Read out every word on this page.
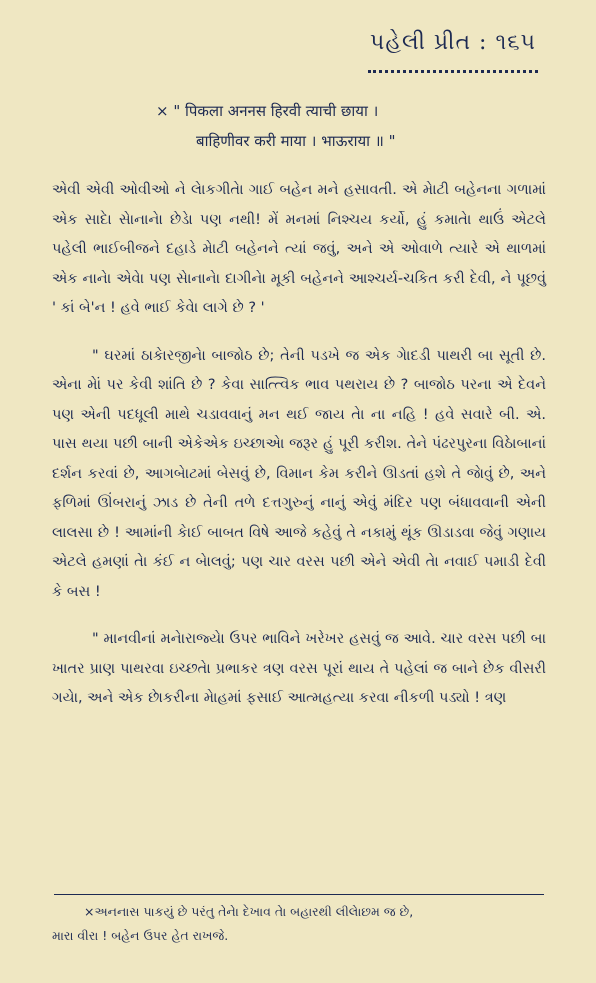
પહેલી પ્રીત : ૧૬૫
× " पिकला अननस हिरवी त्याची छाया ।
बाहिणीवर करी माया । भाऊराया ॥ "

એવી એવી ઓવીઓ ને લેાકગીતેા ગાઈ બહેન મને હસાવતી. એ મેાટી બહેનના ગળામાં એક સાદેા સેાનાનેા છેડેા પણ નથી! મેં મનમાં નિશ્ચય કર્યો, હું કમાતેા થાઉં એટલે પહેલી ભાઈબીજને દહાડે મેાટી બહેનને ત્યાં જવું, અને એ ઓવાળે ત્યારે એ થાળમાં એક નાનેા એવેા પણ સેાનાનેા દાગીનેા મૂકી બહેનને આશ્ચર્ય-ચકિત કરી દેવી, ને પૂછવું ' કાં બે'ન ! હવે ભાઈ કેવેા લાગે છે ? '

" ઘરમાં ઠાકેારજીનેા બાજોઠ છે; તેની પડખે જ એક ગેાદડી પાથરી બા સૂતી છે. એના મેાં પર કેવી શાંતિ છે ? કેવા સાત્ત્વિક ભાવ પથરાય છે ? બાજોઠ પરના એ દેવને પણ એની પદધૂલી માથે ચડાવવાનું મન થઈ જાય તેા ના નહિ ! હવે સવારે બી. એ. પાસ થયા પછી બાની એકેએક ઇચ્છાએા જરૂર હું પૂરી કરીશ. તેને પંઢરપુરના વિઠેાબાનાં દર્શન કરવાં છે, આગબેાટમાં બેસવું છે, વિમાન કેમ કરીને ઊડતાં હશે તે જેાવું છે, અને ફળિમાં ઊંબરાનું ઝાડ છે તેની તળે દત્તગુરુનું નાનું એવું મંદિર પણ બંધાવવાની એની લાલસા છે ! આમાંની કેાઈ બાબત વિષે આજે કહેવું તે નકામું થૂંક ઊડાડવા જેવું ગણાય એટલે હમણાં તેા કંઈ ન બેાલવું; પણ ચાર વરસ પછી એને એવી તેા નવાઈ પમાડી દેવી કે બસ !

" માનવીનાં મનેારાજ્યેા ઉપર ભાવિને ખરેખર હસવું જ આવે. ચાર વરસ પછી બા ખાતર પ્રાણ પાથરવા ઇચ્છતેા પ્રભાકર ત્રણ વરસ પૂરાં થાય તે પહેલાં જ બાને છેક વીસરી ગયેા, અને એક છેાકરીના મેાહમાં ફસાઈ આત્મહત્યા કરવા નીકળી પડ્યો ! ત્રણ

×અનનાસ પાકયું છે પરંતુ તેનેા દેખાવ તેા બહારથી લીલેાછમ જ છે,
મારા વીરા ! બહેન ઉપર હેત રાખજે.
